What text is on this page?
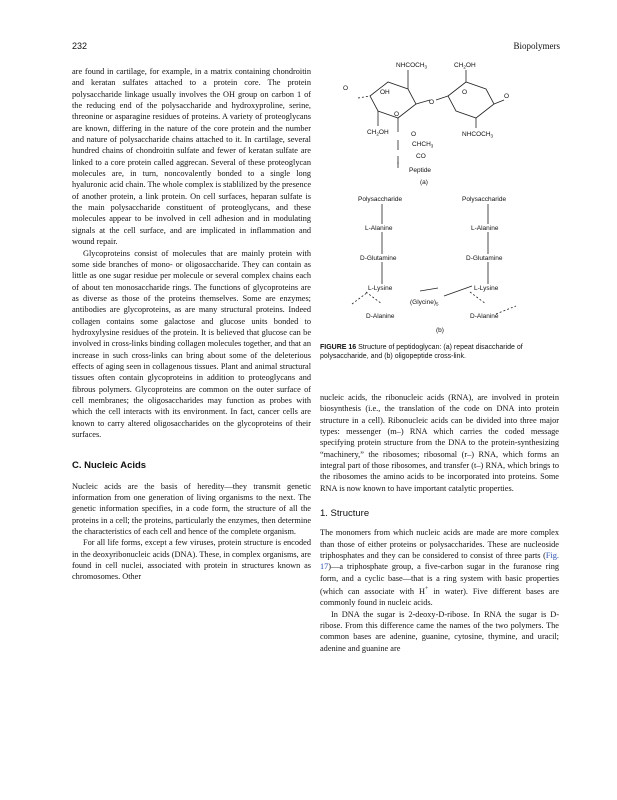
232	Biopolymers

are found in cartilage, for example, in a matrix containing chondroitin and keratan sulfates attached to a protein core. The protein polysaccharide linkage usually involves the OH group on carbon 1 of the reducing end of the polysaccharide and hydroxyproline, serine, threonine or asparagine residues of proteins. A variety of proteoglycans are known, differing in the nature of the core protein and the number and nature of polysaccharide chains attached to it. In cartilage, several hundred chains of chondroitin sulfate and fewer of keratan sulfate are linked to a core protein called aggrecan. Several of these proteoglycan molecules are, in turn, noncovalently bonded to a single long hyaluronic acid chain. The whole complex is stablilized by the presence of another protein, a link protein. On cell surfaces, heparan sulfate is the main polysaccharide constituent of proteoglycans, and these molecules appear to be involved in cell adhesion and in modulating signals at the cell surface, and are implicated in inflammation and wound repair.

Glycoproteins consist of molecules that are mainly protein with some side branches of mono- or oligosaccharide. They can contain as little as one sugar residue per molecule or several complex chains each of about ten monosaccharide rings. The functions of glycoproteins are as diverse as those of the proteins themselves. Some are enzymes; antibodies are glycoproteins, as are many structural proteins. Indeed collagen contains some galactose and glucose units bonded to hydroxylysine residues of the protein. It is believed that glucose can be involved in cross-links binding collagen molecules together, and that an increase in such cross-links can bring about some of the deleterious effects of aging seen in collagenous tissues. Plant and animal structural tissues often contain glycoproteins in addition to proteoglycans and fibrous polymers. Glycoproteins are common on the outer surface of cell membranes; the oligosaccharides may function as probes with which the cell interacts with its environment. In fact, cancer cells are known to carry altered oligosaccharides on the glycoproteins of their surfaces.

C. Nucleic Acids

Nucleic acids are the basis of heredity—they transmit genetic information from one generation of living organisms to the next. The genetic information specifies, in a code form, the structure of all the proteins in a cell; the proteins, particularly the enzymes, then determine the characteristics of each cell and hence of the complete organism.

For all life forms, except a few viruses, protein structure is encoded in the deoxyribonucleic acids (DNA). These, in complex organisms, are found in cell nuclei, associated with protein in structures known as chromosomes. Other

$NHCOCH_3$	$CH_2OH$
O
OH
O
O
O
O
$CH_2OH$	$NHCOCH_3$
O
$CHCH_3$
CO
Peptide
(a)
Polysaccharide	Polysaccharide
L-Alanine	L-Alanine
D-Glutamine	D-Glutamine
L-Lysine	L-Lysine
$(Glycine)_5$
D-Alanine	D-Alanine
(b)
FIGURE 16 Structure of peptidoglycan: (a) repeat disaccharide of polysaccharide, and (b) oligopeptide cross-link.

nucleic acids, the ribonucleic acids (RNA), are involved in protein biosynthesis (i.e., the translation of the code on DNA into protein structure in a cell). Ribonucleic acids can be divided into three major types: messenger (m–) RNA which carries the coded message specifying protein structure from the DNA to the protein-synthesizing “machinery,” the ribosomes; ribosomal (r–) RNA, which forms an integral part of those ribosomes, and transfer (t–) RNA, which brings to the ribosomes the amino acids to be incorporated into proteins. Some RNA is now known to have important catalytic properties.

1. Structure

The monomers from which nucleic acids are made are more complex than those of either proteins or polysaccharides. These are nucleoside triphosphates and they can be considered to consist of three parts (Fig. 17)—a triphosphate group, a five-carbon sugar in the furanose ring form, and a cyclic base—that is a ring system with basic properties (which can associate with H+ in water). Five different bases are commonly found in nucleic acids.

In DNA the sugar is 2-deoxy-D-ribose. In RNA the sugar is D-ribose. From this difference came the names of the two polymers. The common bases are adenine, guanine, cytosine, thymine, and uracil; adenine and guanine are
